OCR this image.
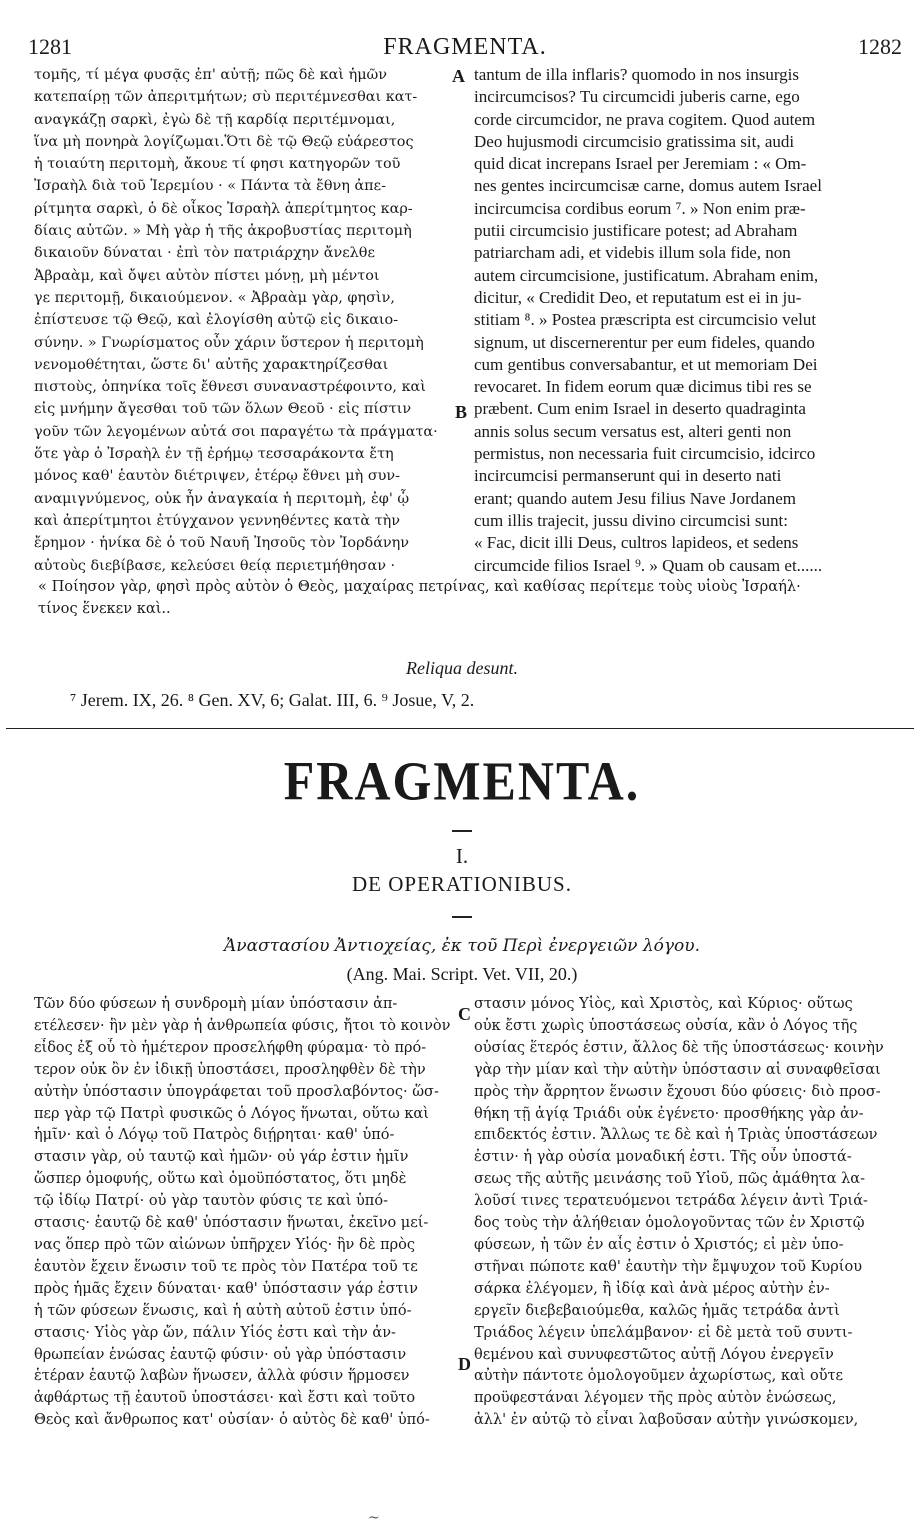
1281	FRAGMENTA.	1282
τομῆς, τί μέγα φυσᾷς ἐπ' αὐτῇ; πῶς δὲ καὶ ἡμῶν
κατεπαίρῃ τῶν ἀπεριτμήτων; σὺ περιτέμνεσθαι κατ-
αναγκάζῃ σαρκὶ, ἐγὼ δὲ τῇ καρδίᾳ περιτέμνομαι,
ἵνα μὴ πονηρὰ λογίζωμαι.Ὅτι δὲ τῷ Θεῷ εὐάρεστος
ἡ τοιαύτη περιτομὴ, ἄκουε τί φησι κατηγορῶν τοῦ
Ἰσραὴλ διὰ τοῦ Ἱερεμίου · « Πάντα τὰ ἔθνη ἀπε-
ρίτμητα σαρκὶ, ὁ δὲ οἶκος Ἰσραὴλ ἀπερίτμητος καρ-
δίαις αὐτῶν. » Μὴ γὰρ ἡ τῆς ἀκροβυστίας περιτομὴ
δικαιοῦν δύναται · ἐπὶ τὸν πατριάρχην ἄνελθε
Ἀβραὰμ, καὶ ὄψει αὐτὸν πίστει μόνῃ, μὴ μέντοι
γε περιτομῇ, δικαιούμενον. « Ἀβραὰμ γὰρ, φησὶν,
ἐπίστευσε τῷ Θεῷ, καὶ ἐλογίσθη αὐτῷ εἰς δικαιο-
σύνην. » Γνωρίσματος οὖν χάριν ὕστερον ἡ περιτομὴ
νενομοθέτηται, ὥστε δι' αὐτῆς χαρακτηρίζεσθαι
πιστοὺς, ὁπηνίκα τοῖς ἔθνεσι συναναστρέφοιντο, καὶ
εἰς μνήμην ἄγεσθαι τοῦ τῶν ὅλων Θεοῦ · εἰς πίστιν
γοῦν τῶν λεγομένων αὐτά σοι παραγέτω τὰ πράγματα·
ὅτε γὰρ ὁ Ἰσραὴλ ἐν τῇ ἐρήμῳ τεσσαράκοντα ἔτη
μόνος καθ' ἑαυτὸν διέτριψεν, ἑτέρῳ ἔθνει μὴ συν-
αναμιγνύμενος, οὐκ ἦν ἀναγκαία ἡ περιτομὴ, ἐφ' ᾧ
καὶ ἀπερίτμητοι ἐτύγχανον γεννηθέντες κατὰ τὴν
ἔρημον · ἡνίκα δὲ ὁ τοῦ Ναυῆ Ἰησοῦς τὸν Ἰορδάνην
αὐτοὺς διεβίβασε, κελεύσει θείᾳ περιετμήθησαν ·
tantum de illa inflaris? quomodo in nos insurgis
incircumcisos? Tu circumcidi juberis carne, ego
corde circumcidor, ne prava cogitem. Quod autem
Deo hujusmodi circumcisio gratissima sit, audi
quid dicat increpans Israel per Jeremiam : « Om-
nes gentes incircumcisæ carne, domus autem Israel
incircumcisa cordibus eorum ⁷. » Non enim præ-
putii circumcisio justificare potest; ad Abraham
patriarcham adi, et videbis illum sola fide, non
autem circumcisione, justificatum. Abraham enim,
dicitur, « Credidit Deo, et reputatum est ei in ju-
stitiam ⁸. » Postea præscripta est circumcisio velut
signum, ut discernerentur per eum fideles, quando
cum gentibus conversabantur, et ut memoriam Dei
revocaret. In fidem eorum quæ dicimus tibi res se
præbent. Cum enim Israel in deserto quadraginta
annis solus secum versatus est, alteri genti non
permistus, non necessaria fuit circumcisio, idcirco
incircumcisi permanserunt qui in deserto nati
erant; quando autem Jesu filius Nave Jordanem
cum illis trajecit, jussu divino circumcisi sunt:
« Fac, dicit illi Deus, cultros lapideos, et sedens
circumcide filios Israel ⁹. » Quam ob causam et......
A
B
« Ποίησον γὰρ, φησὶ πρὸς αὐτὸν ὁ Θεὸς, μαχαίρας πετρίνας, καὶ καθίσας περίτεμε τοὺς υἱοὺς Ἰσραήλ·
τίνος ἕνεκεν καὶ..
Reliqua desunt.
⁷ Jerem. IX, 26. ⁸ Gen. XV, 6; Galat. III, 6. ⁹ Josue, V, 2.
FRAGMENTA.
I.
DE OPERATIONIBUS.
Ἀναστασίου Ἀντιοχείας, ἐκ τοῦ Περὶ ἐνεργειῶν λόγου.
(Ang. Mai. Script. Vet. VII, 20.)
Τῶν δύο φύσεων ἡ συνδρομὴ μίαν ὑπόστασιν ἀπ-
ετέλεσεν· ἣν μὲν γὰρ ἡ ἀνθρωπεία φύσις, ἤτοι τὸ κοινὸν
εἶδος ἐξ οὗ τὸ ἡμέτερον προσελήφθη φύραμα· τὸ πρό-
τερον οὐκ ὂν ἐν ἰδικῇ ὑποστάσει, προσληφθὲν δὲ τὴν
αὐτὴν ὑπόστασιν ὑπογράφεται τοῦ προσλαβόντος· ὥσ-
περ γὰρ τῷ Πατρὶ φυσικῶς ὁ Λόγος ἥνωται, οὕτω καὶ
ἡμῖν· καὶ ὁ Λόγῳ τοῦ Πατρὸς διῄρηται· καθ' ὑπό-
στασιν γὰρ, οὐ ταυτῷ καὶ ἡμῶν· οὐ γάρ ἐστιν ἡμῖν
ὥσπερ ὁμοφυής, οὕτω καὶ ὁμοϋπόστατος, ὅτι μηδὲ
τῷ ἰδίῳ Πατρί· οὐ γὰρ ταυτὸν φύσις τε καὶ ὑπό-
στασις· ἑαυτῷ δὲ καθ' ὑπόστασιν ἥνωται, ἐκεῖνο μεί-
νας ὅπερ πρὸ τῶν αἰώνων ὑπῆρχεν Υἱός· ἣν δὲ πρὸς
ἑαυτὸν ἔχειν ἕνωσιν τοῦ τε πρὸς τὸν Πατέρα τοῦ τε
πρὸς ἡμᾶς ἔχειν δύναται· καθ' ὑπόστασιν γάρ ἐστιν
ἡ τῶν φύσεων ἕνωσις, καὶ ἡ αὐτὴ αὐτοῦ ἐστιν ὑπό-
στασις· Υἱὸς γὰρ ὤν, πάλιν Υἱός ἐστι καὶ τὴν ἀν-
θρωπείαν ἑνώσας ἑαυτῷ φύσιν· οὐ γὰρ ὑπόστασιν
ἑτέραν ἑαυτῷ λαβὼν ἥνωσεν, ἀλλὰ φύσιν ἥρμοσεν
ἀφθάρτως τῇ ἑαυτοῦ ὑποστάσει· καὶ ἔστι καὶ τοῦτο
Θεὸς καὶ ἄνθρωπος κατ' οὐσίαν· ὁ αὐτὸς δὲ καθ' ὑπό-
στασιν μόνος Υἱὸς, καὶ Χριστὸς, καὶ Κύριος· οὕτως
οὐκ ἔστι χωρὶς ὑποστάσεως οὐσία, κἂν ὁ Λόγος τῆς
οὐσίας ἕτερός ἐστιν, ἄλλος δὲ τῆς ὑποστάσεως· κοινὴν
γὰρ τὴν μίαν καὶ τὴν αὐτὴν ὑπόστασιν αἱ συναφθεῖσαι
πρὸς τὴν ἄρρητον ἕνωσιν ἔχουσι δύο φύσεις· διὸ προσ-
θήκη τῇ ἁγίᾳ Τριάδι οὐκ ἐγένετο· προσθήκης γὰρ ἀν-
επιδεκτός ἐστιν. Ἄλλως τε δὲ καὶ ἡ Τριὰς ὑποστάσεων
ἐστιν· ἡ γὰρ οὐσία μοναδική ἐστι. Τῆς οὖν ὑποστά-
σεως τῆς αὐτῆς μεινάσης τοῦ Υἱοῦ, πῶς ἀμάθητα λα-
λοῦσί τινες τερατευόμενοι τετράδα λέγειν ἀντὶ Τριά-
δος τοὺς τὴν ἀλήθειαν ὁμολογοῦντας τῶν ἐν Χριστῷ
φύσεων, ἡ τῶν ἐν αἷς ἐστιν ὁ Χριστός; εἰ μὲν ὑπο-
στῆναι πώποτε καθ' ἑαυτὴν τὴν ἔμψυχον τοῦ Κυρίου
σάρκα ἐλέγομεν, ἢ ἰδίᾳ καὶ ἀνὰ μέρος αὐτὴν ἐν-
εργεῖν διεβεβαιούμεθα, καλῶς ἡμᾶς τετράδα ἀντὶ
Τριάδος λέγειν ὑπελάμβανον· εἰ δὲ μετὰ τοῦ συντι-
θεμένου καὶ συνυφεστῶτος αὐτῇ Λόγου ἐνεργεῖν
αὐτὴν πάντοτε ὁμολογοῦμεν ἀχωρίστως, καὶ οὔτε
προϋφεστάναι λέγομεν τῆς πρὸς αὐτὸν ἑνώσεως,
ἀλλ' ἐν αὐτῷ τὸ εἶναι λαβοῦσαν αὐτὴν γινώσκομεν,
C
D
~
